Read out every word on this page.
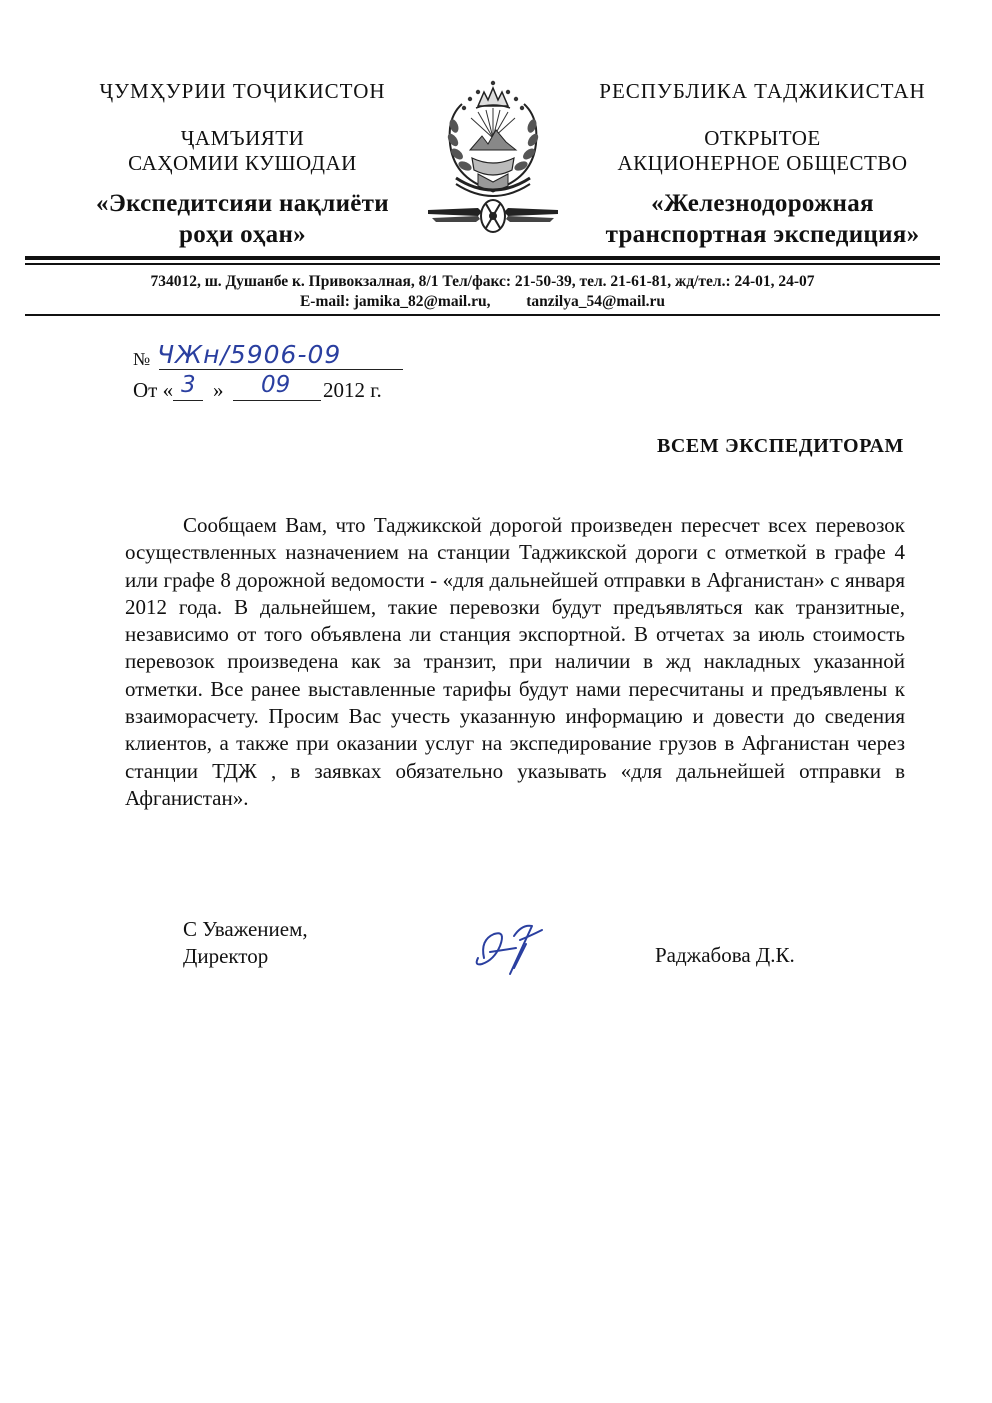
ҶУМҲУРИИ ТОҶИКИСТОН
ҶАМЪИЯТИ
САҲОМИИ КУШОДАИ
«Экспедитсияи нақлиёти
роҳи оҳан»
РЕСПУБЛИКА ТАДЖИКИСТАН
ОТКРЫТОЕ
АКЦИОНЕРНОЕ ОБЩЕСТВО
«Железнодорожная
транспортная экспедиция»
734012, ш. Душанбе к. Привокзалная, 8/1 Тел/факс: 21-50-39, тел. 21-61-81, жд/тел.: 24-01, 24-07
E-mail: jamika_82@mail.ru, tanzilya_54@mail.ru
№ ЧЖн/5906-09
От « 3 » 09 2012 г.
ВСЕМ ЭКСПЕДИТОРАМ

Сообщаем Вам, что Таджикской дорогой произведен пересчет всех перевозок осуществленных назначением на станции Таджикской дороги с отметкой в графе 4 или графе 8 дорожной ведомости - «для дальнейшей отправки в Афганистан» с января 2012 года. В дальнейшем, такие перевозки будут предъявляться как транзитные, независимо от того объявлена ли станция экспортной. В отчетах за июль стоимость перевозок произведена как за транзит, при наличии в жд накладных указанной отметки. Все ранее выставленные тарифы будут нами пересчитаны и предъявлены к взаиморасчету. Просим Вас учесть указанную информацию и довести до сведения клиентов, а также при оказании услуг на экспедирование грузов в Афганистан через станции ТДЖ , в заявках обязательно указывать «для дальнейшей отправки в Афганистан».

С Уважением,
Директор	Раджабова Д.К.
